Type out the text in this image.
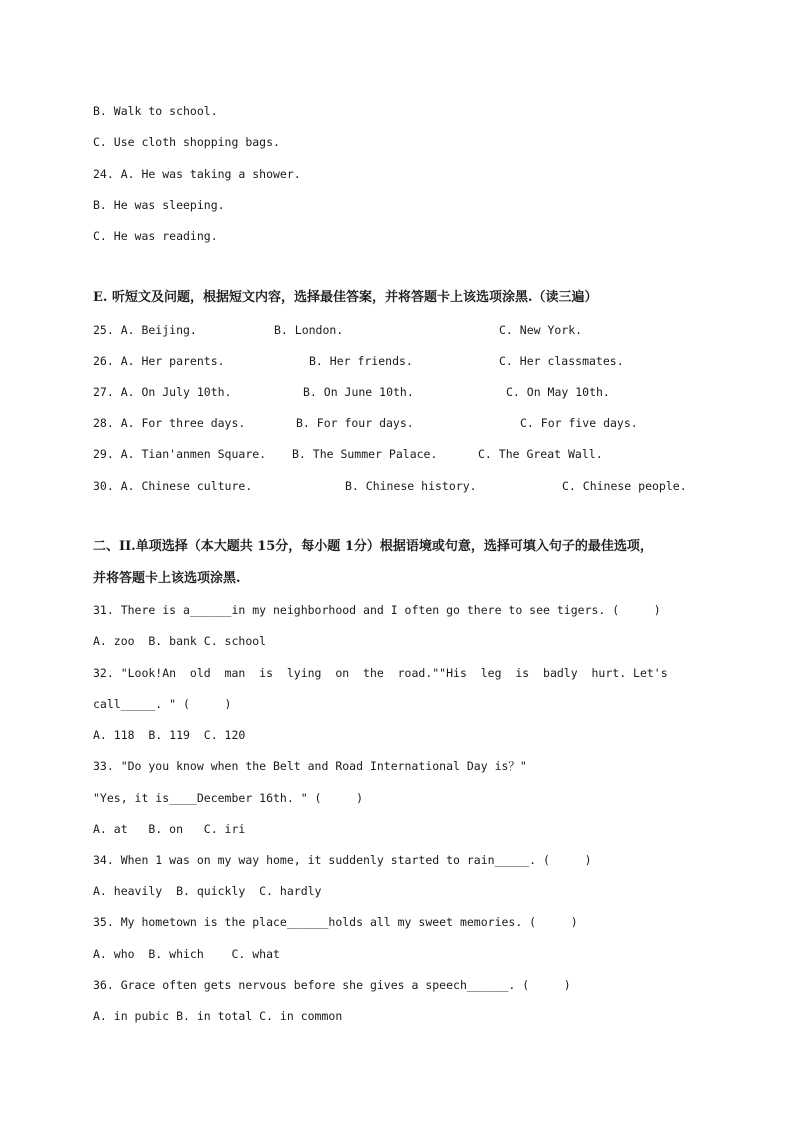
B. Walk to school.
C. Use cloth shopping bags.
24. A. He was taking a shower.
B. He was sleeping.
C. He was reading.
E. 听短文及问题，根据短文内容，选择最佳答案，并将答题卡上该选项涂黑.（读三遍）
25. A. Beijing.	B. London.	C. New York.
26. A. Her parents.	B. Her friends.	C. Her classmates.
27. A. On July 10th.	B. On June 10th.	C. On May 10th.
28. A. For three days.	B. For four days.	C. For five days.
29. A. Tian'anmen Square. B. The Summer Palace.	C. The Great Wall.
30. A. Chinese culture.	B. Chinese history.	C. Chinese people.
二、II.单项选择（本大题共 15分，每小题 1分）根据语境或句意，选择可填入句子的最佳选项，
并将答题卡上该选项涂黑.
31. There is a______in my neighborhood and I often go there to see tigers. (     )
A. zoo  B. bank C. school
32. "Look!An  old  man  is  lying  on  the  road.""His  leg  is  badly  hurt. Let's
call_____. " (     )
A. 118  B. 119  C. 120
33. "Do you know when the Belt and Road International Day is？"
"Yes, it is____December 16th. " (     )
A. at   B. on   C. iri
34. When 1 was on my way home, it suddenly started to rain_____. (     )
A. heavily  B. quickly  C. hardly
35. My hometown is the place______holds all my sweet memories. (     )
A. who  B. which    C. what
36. Grace often gets nervous before she gives a speech______. (     )
A. in pubic B. in total C. in common
